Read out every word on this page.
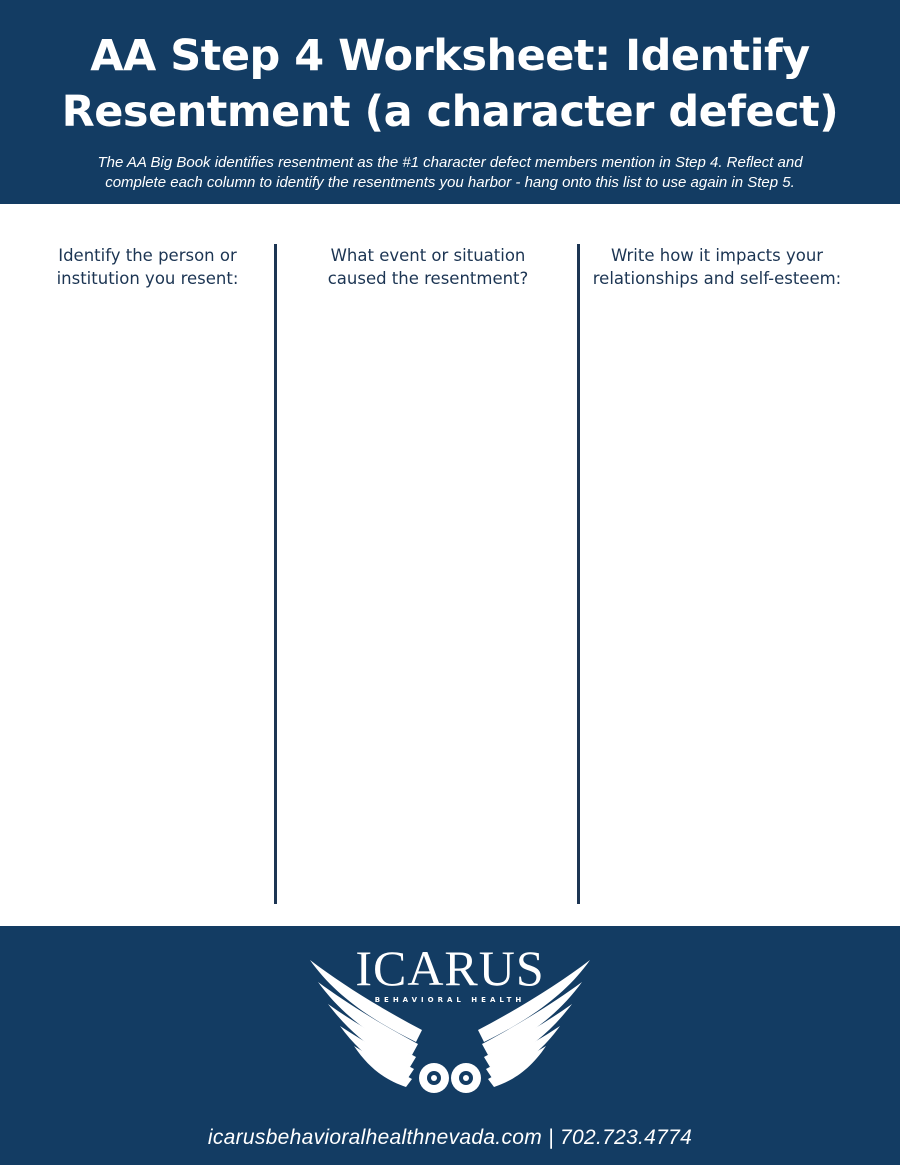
AA Step 4 Worksheet: Identify
Resentment (a character defect)
The AA Big Book identifies resentment as the #1 character defect members mention in Step 4. Reflect and
complete each column to identify the resentments you harbor - hang onto this list to use again in Step 5.
Identify the person or
institution you resent:
What event or situation
caused the resentment?
Write how it impacts your
relationships and self-esteem:
ICARUS
BEHAVIORAL HEALTH
icarusbehavioralhealthnevada.com | 702.723.4774
